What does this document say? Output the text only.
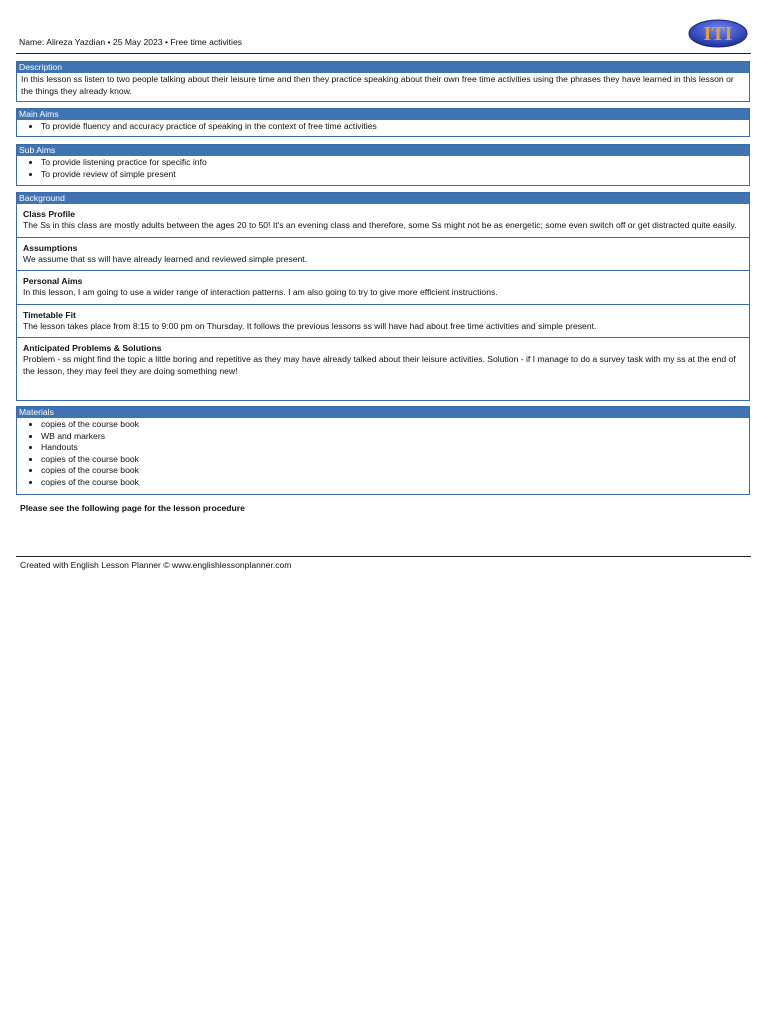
Name: Alireza Yazdian • 25 May 2023 • Free time activities	ITI
Description
In this lesson ss listen to two people talking about their leisure time and then they practice speaking about their own free time activities using the phrases they have learned in this lesson or the things they already know.
Main Aims
• To provide fluency and accuracy practice of speaking in the context of free time activities
Sub Aims
• To provide listening practice for specific info
• To provide review of simple present
Background
Class Profile
The Ss in this class are mostly adults between the ages 20 to 50! It's an evening class and therefore, some Ss might not be as energetic; some even switch off or get distracted quite easily.
Assumptions
We assume that ss will have already learned and reviewed simple present.
Personal Aims
In this lesson, I am going to use a wider range of interaction patterns. I am also going to try to give more efficient instructions.
Timetable Fit
The lesson takes place from 8:15 to 9:00 pm on Thursday. It follows the previous lessons ss will have had about free time activities and simple present.
Anticipated Problems & Solutions
Problem - ss might find the topic a little boring and repetitive as they may have already talked about their leisure activities. Solution - if I manage to do a survey task with my ss at the end of the lesson, they may feel they are doing something new!
Materials
• copies of the course book
• WB and markers
• Handouts
• copies of the course book
• copies of the course book
• copies of the course book
Please see the following page for the lesson procedure
Created with English Lesson Planner © www.englishlessonplanner.com
